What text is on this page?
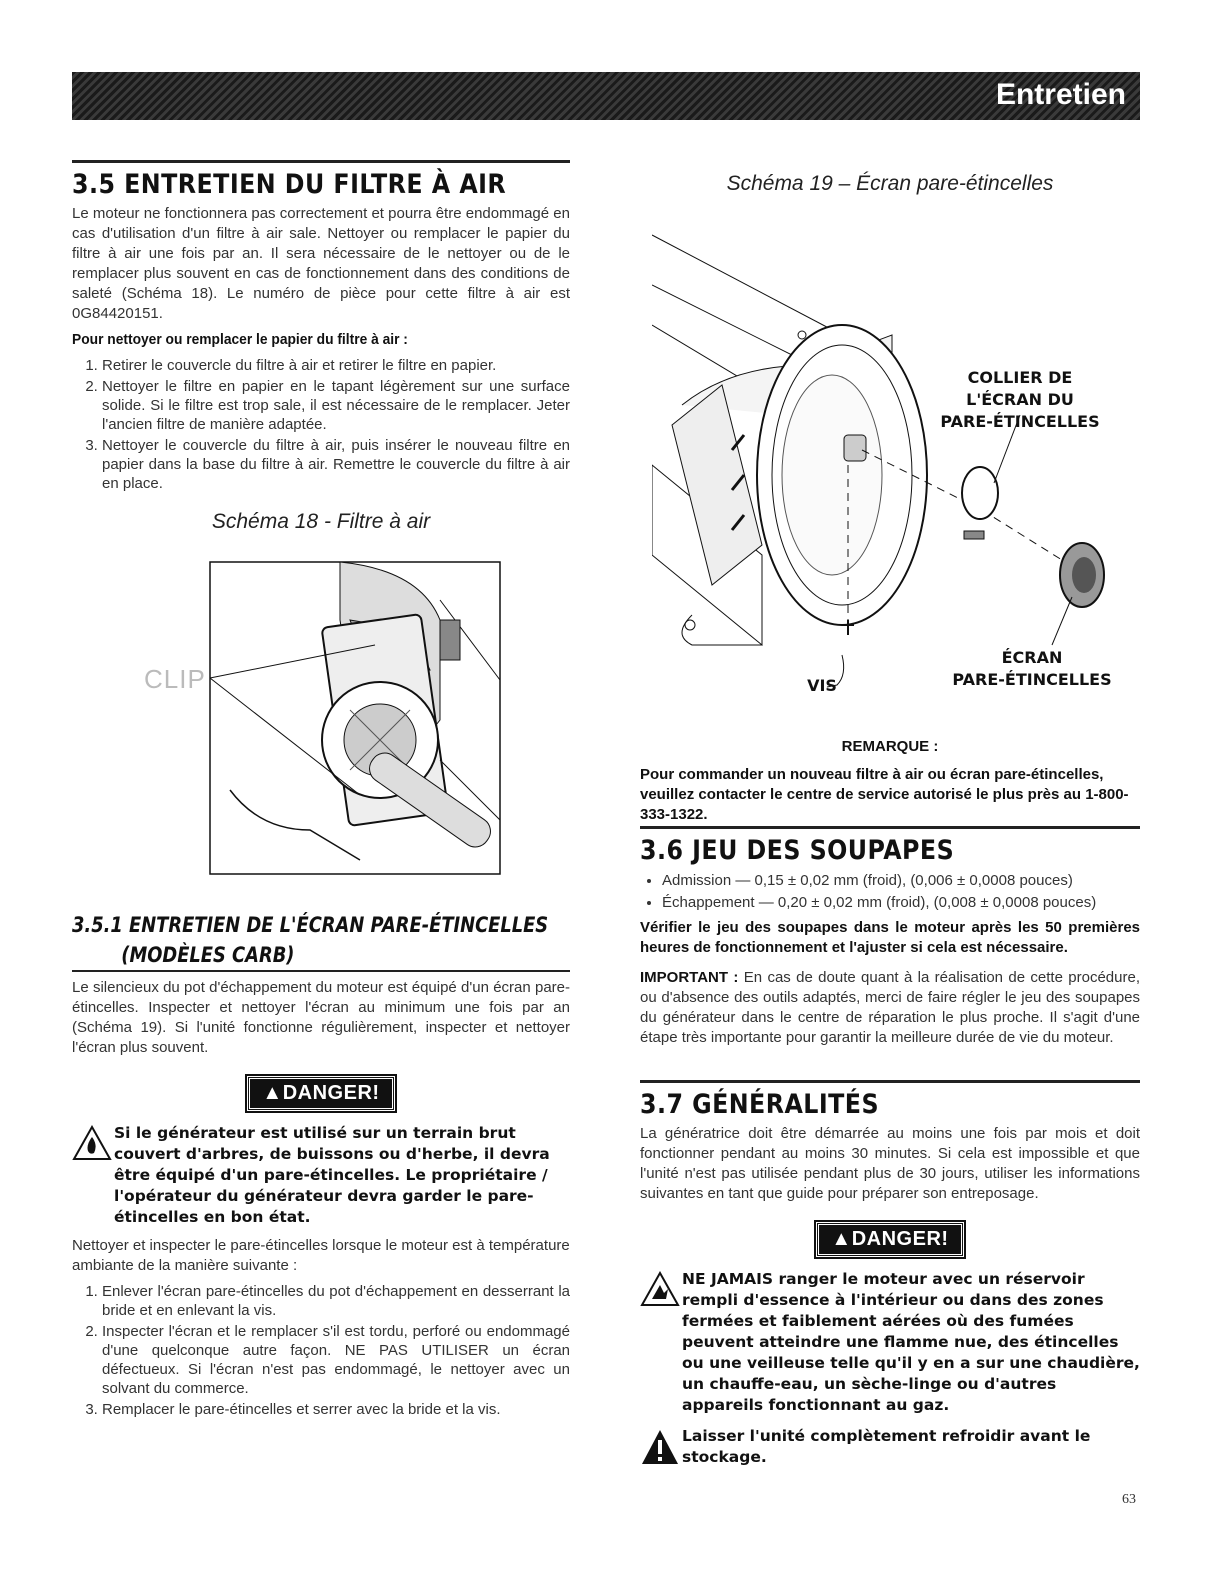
Entretien
3.5 ENTRETIEN DU FILTRE À AIR
Le moteur ne fonctionnera pas correctement et pourra être endommagé en cas d'utilisation d'un filtre à air sale. Nettoyer ou remplacer le papier du filtre à air une fois par an. Il sera nécessaire de le nettoyer ou de le remplacer plus souvent en cas de fonctionnement dans des conditions de saleté (Schéma 18). Le numéro de pièce pour cette filtre à air est 0G84420151.
Pour nettoyer ou remplacer le papier du filtre à air :
1. Retirer le couvercle du filtre à air et retirer le filtre en papier.
2. Nettoyer le filtre en papier en le tapant légèrement sur une surface solide. Si le filtre est trop sale, il est nécessaire de le remplacer. Jeter l'ancien filtre de manière adaptée.
3. Nettoyer le couvercle du filtre à air, puis insérer le nouveau filtre en papier dans la base du filtre à air. Remettre le couvercle du filtre à air en place.
Schéma 18 - Filtre à air
CLIP
3.5.1 ENTRETIEN DE L'ÉCRAN PARE-ÉTINCELLES
(MODÈLES CARB)
Le silencieux du pot d'échappement du moteur est équipé d'un écran pare-étincelles. Inspecter et nettoyer l'écran au minimum une fois par an (Schéma 19). Si l'unité fonctionne régulièrement, inspecter et nettoyer l'écran plus souvent.
▲DANGER!
Si le générateur est utilisé sur un terrain brut couvert d'arbres, de buissons ou d'herbe, il devra être équipé d'un pare-étincelles. Le propriétaire / l'opérateur du générateur devra garder le pare-étincelles en bon état.
Nettoyer et inspecter le pare-étincelles lorsque le moteur est à température ambiante de la manière suivante :
1. Enlever l'écran pare-étincelles du pot d'échappement en desserrant la bride et en enlevant la vis.
2. Inspecter l'écran et le remplacer s'il est tordu, perforé ou endommagé d'une quelconque autre façon. NE PAS UTILISER un écran défectueux. Si l'écran n'est pas endommagé, le nettoyer avec un solvant du commerce.
3. Remplacer le pare-étincelles et serrer avec la bride et la vis.
Schéma 19 – Écran pare-étincelles
COLLIER DE
L'ÉCRAN DU
PARE-ÉTINCELLES
ÉCRAN
PARE-ÉTINCELLES
VIS
REMARQUE :
Pour commander un nouveau filtre à air ou écran pare-étincelles, veuillez contacter le centre de service autorisé le plus près au 1-800-333-1322.
3.6 JEU DES SOUPAPES
• Admission — 0,15 ± 0,02 mm (froid), (0,006 ± 0,0008 pouces)
• Échappement — 0,20 ± 0,02 mm (froid), (0,008 ± 0,0008 pouces)
Vérifier le jeu des soupapes dans le moteur après les 50 premières heures de fonctionnement et l'ajuster si cela est nécessaire.
IMPORTANT : En cas de doute quant à la réalisation de cette procédure, ou d'absence des outils adaptés, merci de faire régler le jeu des soupapes du générateur dans le centre de réparation le plus proche. Il s'agit d'une étape très importante pour garantir la meilleure durée de vie du moteur.
3.7 GÉNÉRALITÉS
La génératrice doit être démarrée au moins une fois par mois et doit fonctionner pendant au moins 30 minutes. Si cela est impossible et que l'unité n'est pas utilisée pendant plus de 30 jours, utiliser les informations suivantes en tant que guide pour préparer son entreposage.
▲DANGER!
NE JAMAIS ranger le moteur avec un réservoir rempli d'essence à l'intérieur ou dans des zones fermées et faiblement aérées où des fumées peuvent atteindre une flamme nue, des étincelles ou une veilleuse telle qu'il y en a sur une chaudière, un chauffe-eau, un sèche-linge ou d'autres appareils fonctionnant au gaz.
Laisser l'unité complètement refroidir avant le stockage.
63
